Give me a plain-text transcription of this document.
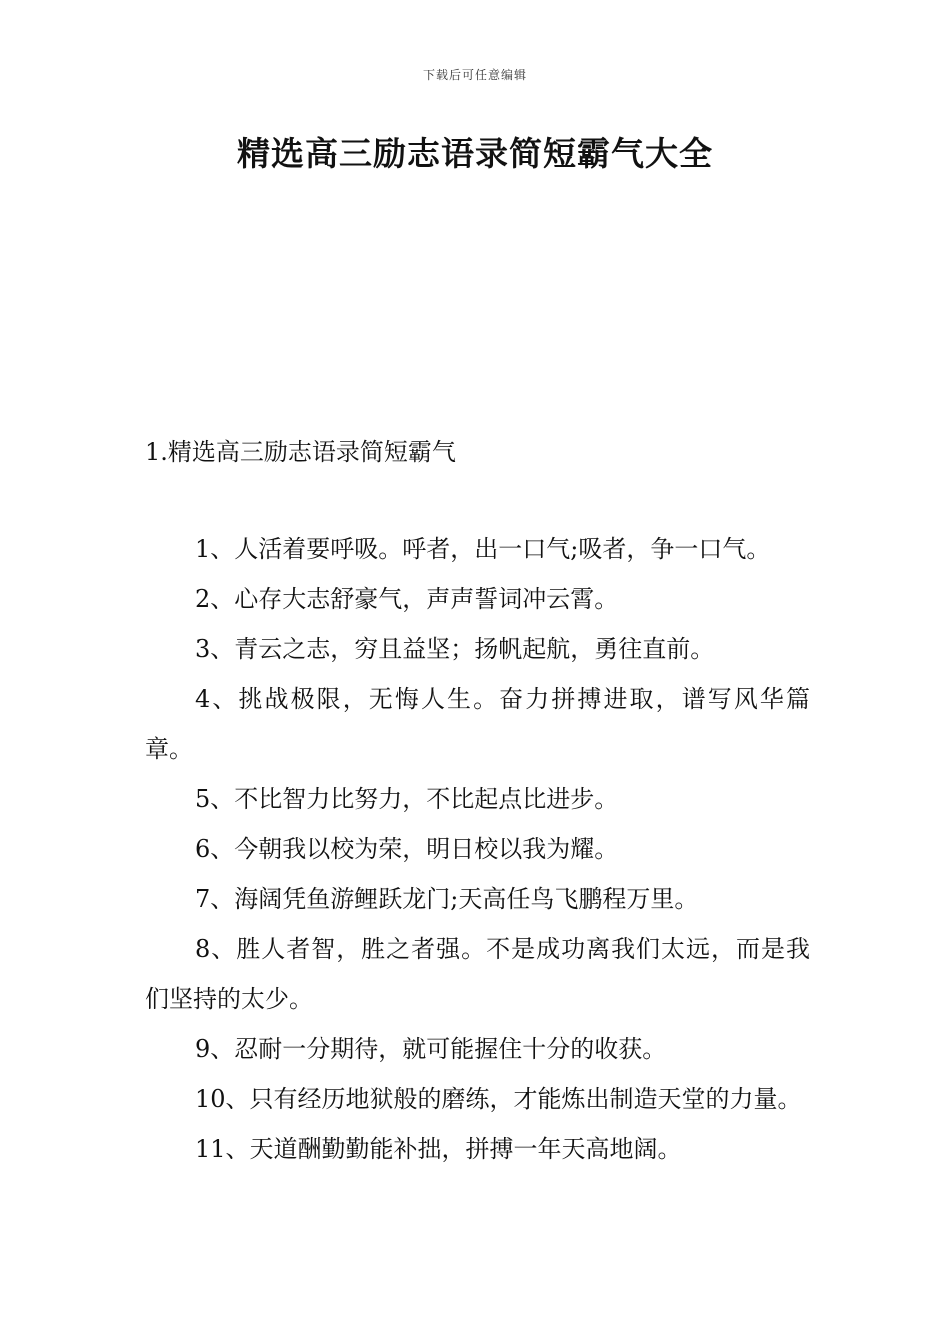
下载后可任意编辑
精选高三励志语录简短霸气大全
1.精选高三励志语录简短霸气
1、人活着要呼吸。呼者，出一口气;吸者，争一口气。
2、心存大志舒豪气，声声誓词冲云霄。
3、青云之志，穷且益坚；扬帆起航，勇往直前。
4、挑战极限，无悔人生。奋力拼搏进取，谱写风华篇章。
5、不比智力比努力，不比起点比进步。
6、今朝我以校为荣，明日校以我为耀。
7、海阔凭鱼游鲤跃龙门;天高任鸟飞鹏程万里。
8、胜人者智，胜之者强。不是成功离我们太远，而是我们坚持的太少。
9、忍耐一分期待，就可能握住十分的收获。
10、只有经历地狱般的磨练，才能炼出制造天堂的力量。
11、天道酬勤勤能补拙，拼搏一年天高地阔。
